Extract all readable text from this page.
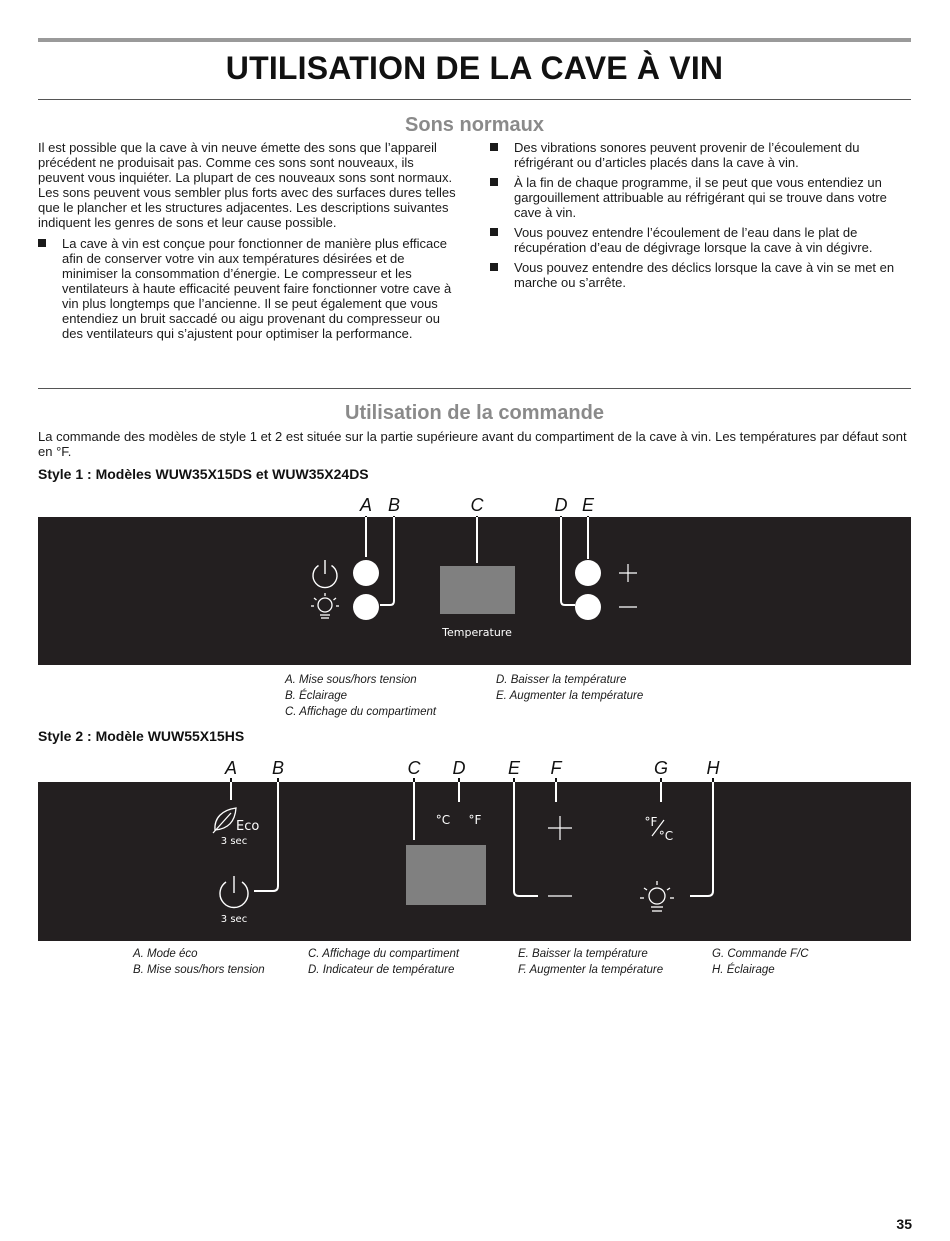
UTILISATION DE LA CAVE À VIN
Sons normaux

Il est possible que la cave à vin neuve émette des sons que l’appareil précédent ne produisait pas. Comme ces sons sont nouveaux, ils peuvent vous inquiéter. La plupart de ces nouveaux sons sont normaux. Les sons peuvent vous sembler plus forts avec des surfaces dures telles que le plancher et les structures adjacentes. Les descriptions suivantes indiquent les genres de sons et leur cause possible.

La cave à vin est conçue pour fonctionner de manière plus efficace afin de conserver votre vin aux températures désirées et de minimiser la consommation d’énergie. Le compresseur et les ventilateurs à haute efficacité peuvent faire fonctionner votre cave à vin plus longtemps que l’ancienne. Il se peut également que vous entendiez un bruit saccadé ou aigu provenant du compresseur ou des ventilateurs qui s’ajustent pour optimiser la performance.
Des vibrations sonores peuvent provenir de l’écoulement du réfrigérant ou d’articles placés dans la cave à vin.
À la fin de chaque programme, il se peut que vous entendiez un gargouillement attribuable au réfrigérant qui se trouve dans votre cave à vin.
Vous pouvez entendre l’écoulement de l’eau dans le plat de récupération d’eau de dégivrage lorsque la cave à vin dégivre.
Vous pouvez entendre des déclics lorsque la cave à vin se met en marche ou s’arrête.
Utilisation de la commande

La commande des modèles de style 1 et 2 est située sur la partie supérieure avant du compartiment de la cave à vin. Les températures par défaut sont en °F.

Style 1 : Modèles WUW35X15DS et WUW35X24DS
A B	C	D E
Temperature
A. Mise sous/hors tension
B. Éclairage
C. Affichage du compartiment
D. Baisser la température
E. Augmenter la température
Style 2 : Modèle WUW55X15HS
A B	C D E F	G H
°C °F
A. Mode éco
B. Mise sous/hors tension
C. Affichage du compartiment
D. Indicateur de température
E. Baisser la température
F. Augmenter la température
G. Commande F/C
H. Éclairage
35
